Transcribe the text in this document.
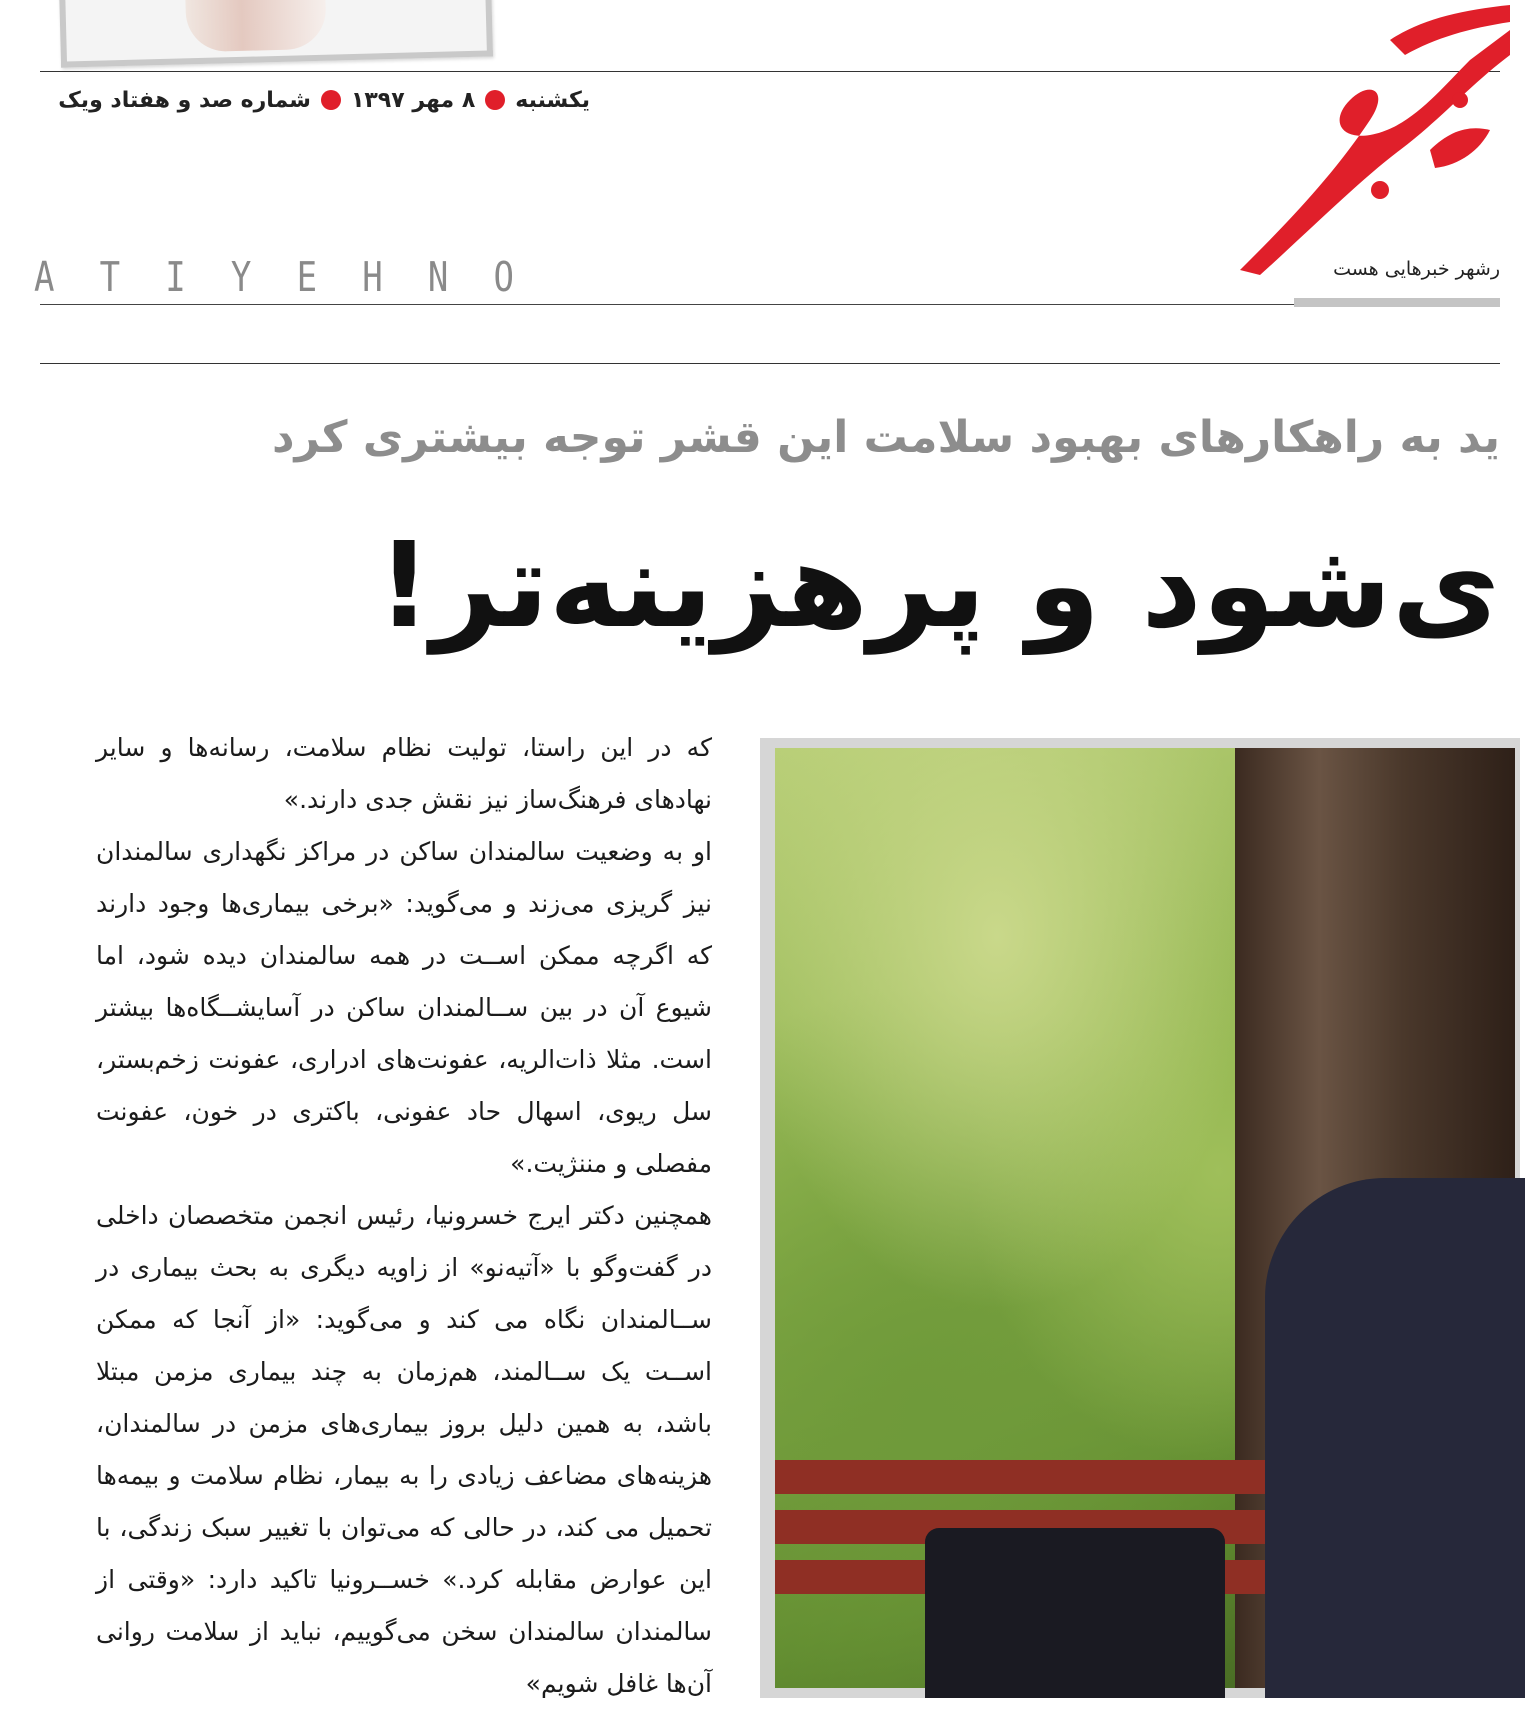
یکشنبه
۸ مهر ۱۳۹۷
شماره صد و هفتاد ویک
A T I Y E H N O	رشهر خبرهایی هست
ید به راهکارهای بهبود سلامت این قشر توجه بیشتری کرد
ی‌شود و پرهزینه‌تر!

که در این راستا، تولیت نظام سلامت، رسانه‌ها و سایر نهادهای فرهنگ‌ساز نیز نقش جدی دارند.»

او به وضعیت سالمندان ساکن در مراکز نگهداری سالمندان نیز گریزی می‌زند و می‌گوید: «برخی بیماری‌ها وجود دارند که اگرچه ممکن اســت در همه سالمندان دیده شود، اما شیوع آن در بین ســالمندان ساکن در آسایشــگاه‌ها بیشتر است. مثلا ذات‌الریه، عفونت‌های ادراری، عفونت زخم‌بستر، سل ریوی، اسهال حاد عفونی، باکتری در خون، عفونت مفصلی و مننژیت.»

همچنین دکتر ایرج خسرونیا، رئیس انجمن متخصصان داخلی در گفت‌وگو با «آتیه‌نو» از زاویه دیگری به بحث بیماری در ســالمندان نگاه می کند و می‌گوید: «از آنجا که ممکن اســت یک ســالمند، هم‌زمان به چند بیماری مزمن مبتلا باشد، به همین دلیل بروز بیماری‌های مزمن در سالمندان، هزینه‌های مضاعف زیادی را به بیمار، نظام سلامت و بیمه‌ها تحمیل می کند، در حالی که می‌توان با تغییر سبک زندگی، با این عوارض مقابله کرد.» خســرونیا تاکید دارد: «وقتی از سالمندان سالمندان سخن می‌گوییم، نباید از سلامت روانی آن‌ها غافل شویم»
